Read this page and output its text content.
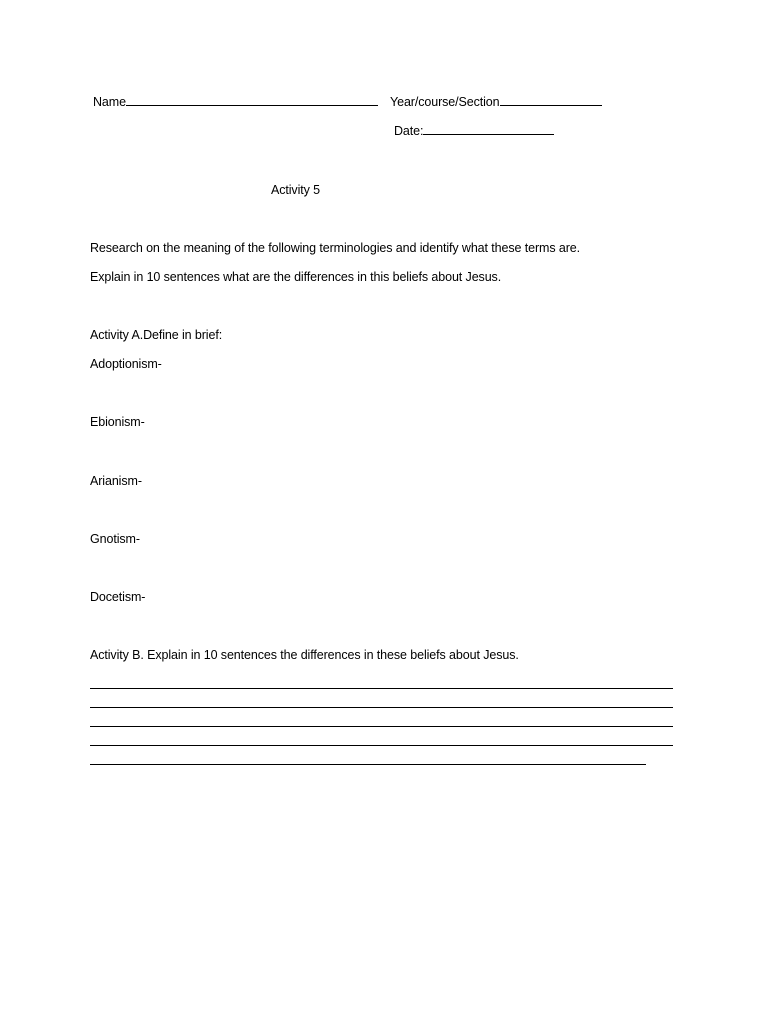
Name	Year/course/Section
Date:
Activity 5
Research on the meaning of the following terminologies and identify what these terms are.
Explain in 10 sentences what are the differences in this beliefs about Jesus.
Activity A.Define in brief:
Adoptionism-
Ebionism-
Arianism-
Gnotism-
Docetism-
Activity B. Explain in 10 sentences the differences in these beliefs about Jesus.
